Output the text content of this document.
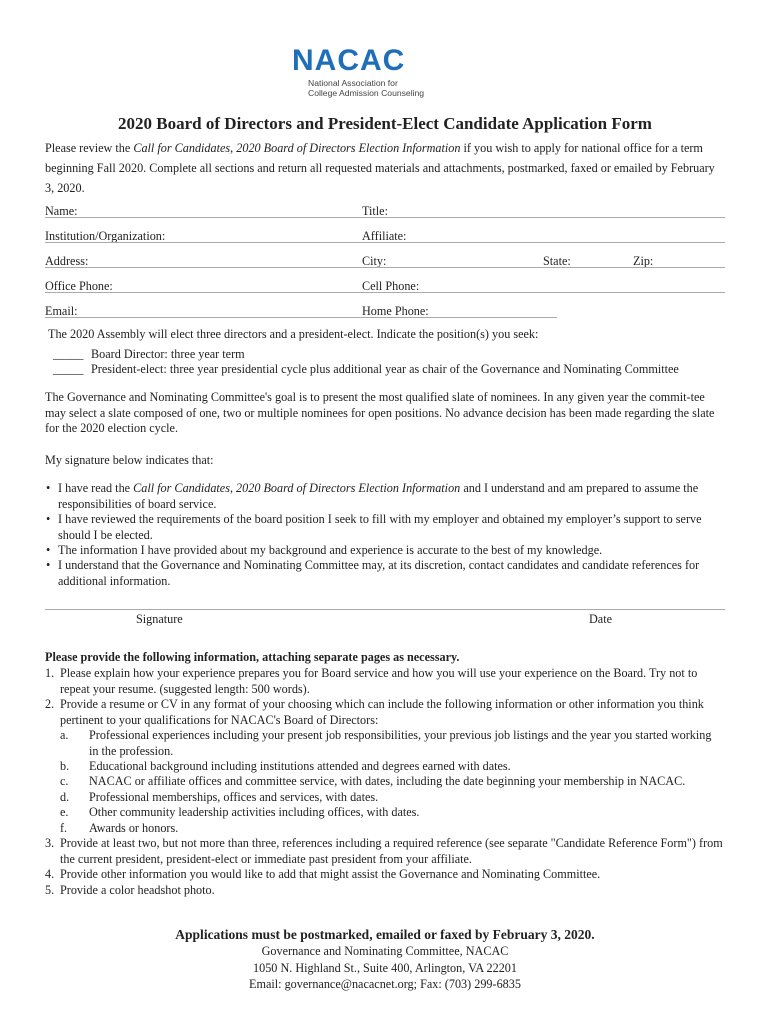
NACAC
National Association for
College Admission Counseling
2020 Board of Directors and President-Elect Candidate Application Form
Please review the Call for Candidates, 2020 Board of Directors Election Information if you wish to apply for national office for a term beginning Fall 2020. Complete all sections and return all requested materials and attachments, postmarked, faxed or emailed by February 3, 2020.
Name:	Title:
Institution/Organization:	Affiliate:
Address:	City:	State:	Zip:
Office Phone:	Cell Phone:
Email:	Home Phone:
The 2020 Assembly will elect three directors and a president-elect. Indicate the position(s) you seek:
_____ Board Director: three year term
_____ President-elect: three year presidential cycle plus additional year as chair of the Governance and Nominating Committee
The Governance and Nominating Committee's goal is to present the most qualified slate of nominees. In any given year the commit-tee may select a slate composed of one, two or multiple nominees for open positions. No advance decision has been made regarding the slate for the 2020 election cycle.
My signature below indicates that:
• I have read the Call for Candidates, 2020 Board of Directors Election Information and I understand and am prepared to assume the responsibilities of board service.
• I have reviewed the requirements of the board position I seek to fill with my employer and obtained my employer’s support to serve should I be elected.
• The information I have provided about my background and experience is accurate to the best of my knowledge.
• I understand that the Governance and Nominating Committee may, at its discretion, contact candidates and candidate references for additional information.
Signature	Date
Please provide the following information, attaching separate pages as necessary.
1. Please explain how your experience prepares you for Board service and how you will use your experience on the Board. Try not to repeat your resume. (suggested length: 500 words).
2. Provide a resume or CV in any format of your choosing which can include the following information or other information you think pertinent to your qualifications for NACAC's Board of Directors:
a. Professional experiences including your present job responsibilities, your previous job listings and the year you started working in the profession.
b. Educational background including institutions attended and degrees earned with dates.
c. NACAC or affiliate offices and committee service, with dates, including the date beginning your membership in NACAC.
d. Professional memberships, offices and services, with dates.
e. Other community leadership activities including offices, with dates.
f. Awards or honors.
3. Provide at least two, but not more than three, references including a required reference (see separate "Candidate Reference Form") from the current president, president-elect or immediate past president from your affiliate.
4. Provide other information you would like to add that might assist the Governance and Nominating Committee.
5. Provide a color headshot photo.
Applications must be postmarked, emailed or faxed by February 3, 2020.
Governance and Nominating Committee, NACAC
1050 N. Highland St., Suite 400, Arlington, VA 22201
Email: governance@nacacnet.org; Fax: (703) 299-6835
